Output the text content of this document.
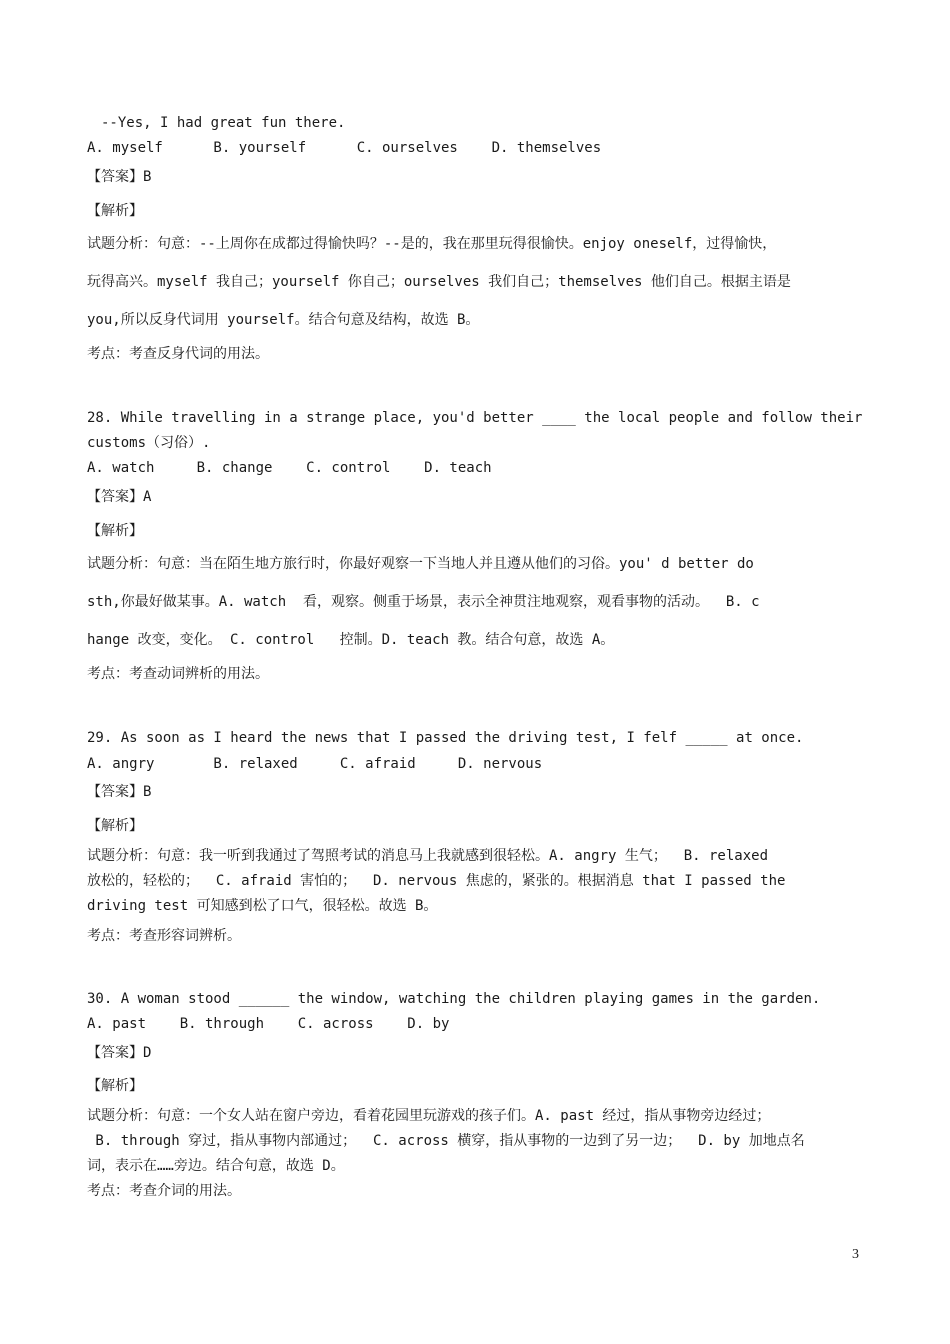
--Yes, I had great fun there.
A. myself      B. yourself      C. ourselves    D. themselves
【答案】B
【解析】
试题分析：句意：--上周你在成都过得愉快吗？--是的，我在那里玩得很愉快。enjoy oneself，过得愉快，
玩得高兴。myself 我自己；yourself 你自己；ourselves 我们自己；themselves 他们自己。根据主语是
you,所以反身代词用 yourself。结合句意及结构，故选 B。
考点：考查反身代词的用法。
28. While travelling in a strange place, you'd better ____ the local people and follow their
customs（习俗）.
A. watch     B. change    C. control    D. teach
【答案】A
【解析】
试题分析：句意：当在陌生地方旅行时，你最好观察一下当地人并且遵从他们的习俗。you' d better do
sth,你最好做某事。A. watch  看，观察。侧重于场景，表示全神贯注地观察，观看事物的活动。  B. c
hange 改变，变化。 C. control   控制。D. teach 教。结合句意，故选 A。
考点：考查动词辨析的用法。
29. As soon as I heard the news that I passed the driving test, I felf _____ at once.
A. angry       B. relaxed     C. afraid     D. nervous
【答案】B
【解析】
试题分析：句意：我一听到我通过了驾照考试的消息马上我就感到很轻松。A. angry 生气；  B. relaxed
放松的，轻松的；  C. afraid 害怕的；  D. nervous 焦虑的，紧张的。根据消息 that I passed the
driving test 可知感到松了口气，很轻松。故选 B。
考点：考查形容词辨析。
30. A woman stood ______ the window, watching the children playing games in the garden.
A. past    B. through    C. across    D. by
【答案】D
【解析】
试题分析：句意：一个女人站在窗户旁边，看着花园里玩游戏的孩子们。A. past 经过，指从事物旁边经过；
B. through 穿过，指从事物内部通过；  C. across 横穿，指从事物的一边到了另一边；  D. by 加地点名
词，表示在……旁边。结合句意，故选 D。
考点：考查介词的用法。
3
